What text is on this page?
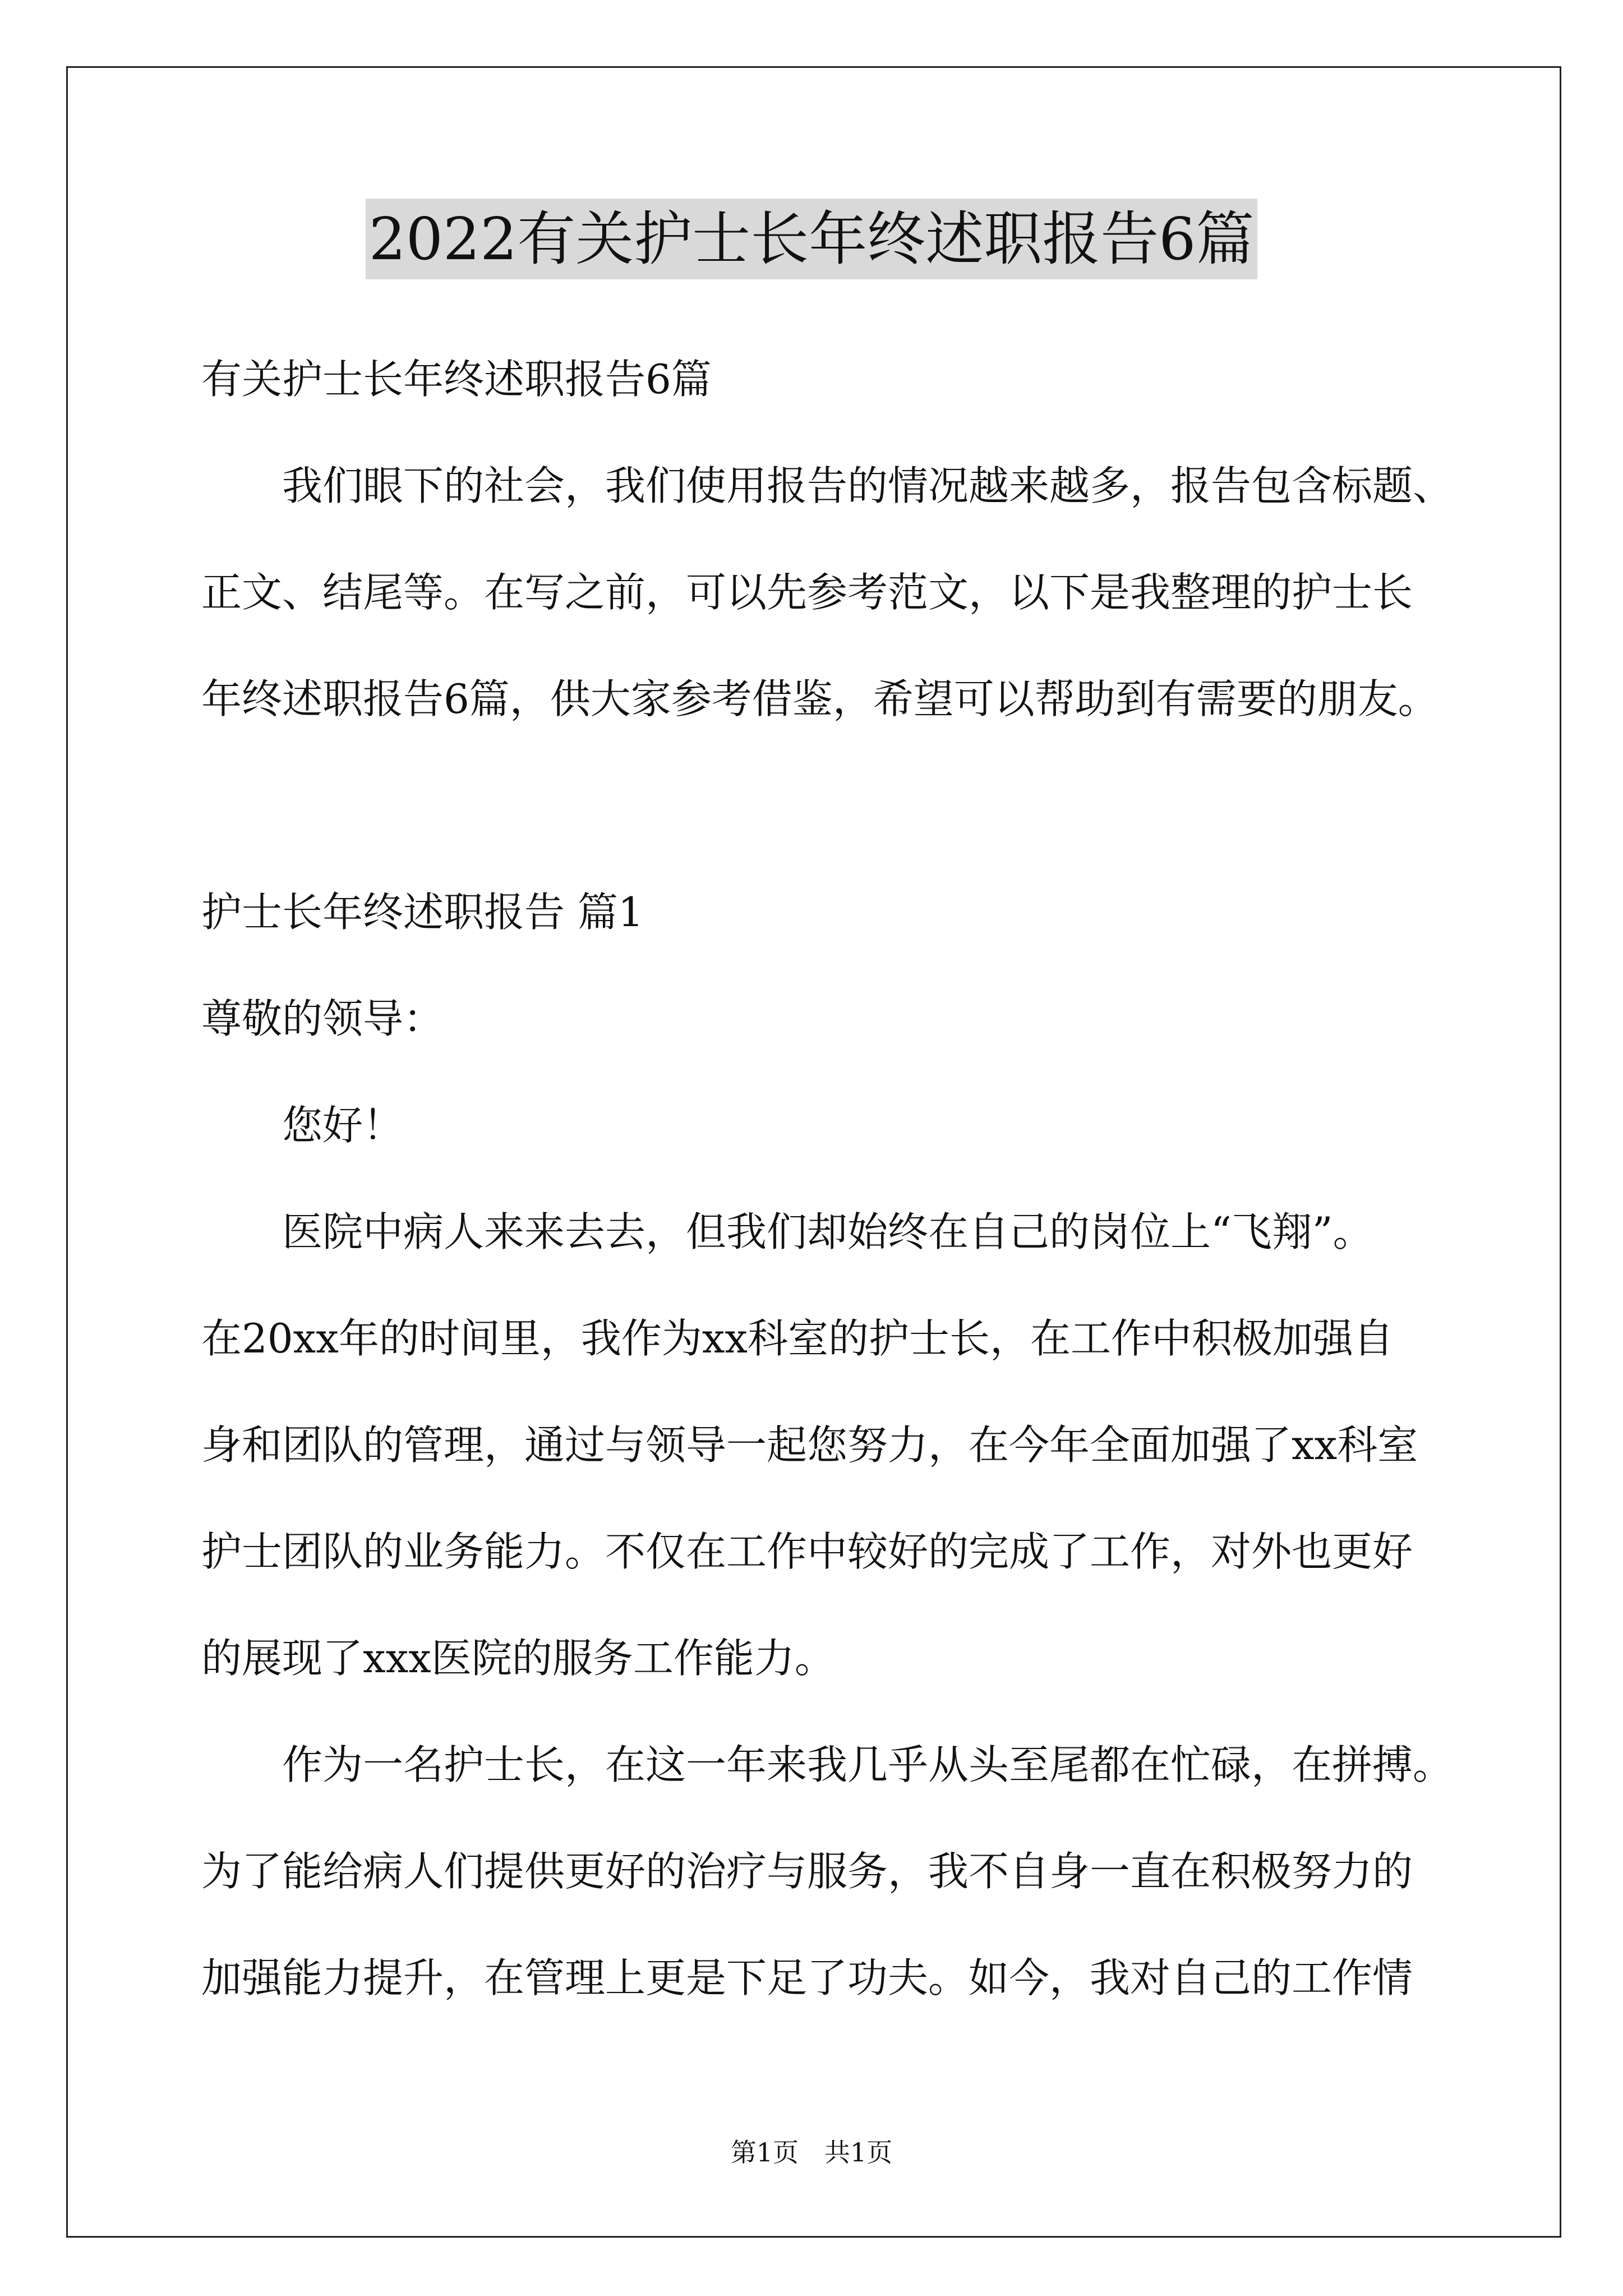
2022有关护士长年终述职报告6篇
有关护士长年终述职报告6篇
我们眼下的社会，我们使用报告的情况越来越多，报告包含标题、
正文、结尾等。在写之前，可以先参考范文，以下是我整理的护士长
年终述职报告6篇，供大家参考借鉴，希望可以帮助到有需要的朋友。
护士长年终述职报告 篇1
尊敬的领导：
您好！
医院中病人来来去去，但我们却始终在自己的岗位上“飞翔”。
在20xx年的时间里，我作为xx科室的护士长，在工作中积极加强自
身和团队的管理，通过与领导一起您努力，在今年全面加强了xx科室
护士团队的业务能力。不仅在工作中较好的完成了工作，对外也更好
的展现了xxx医院的服务工作能力。
作为一名护士长，在这一年来我几乎从头至尾都在忙碌，在拼搏。
为了能给病人们提供更好的治疗与服务，我不自身一直在积极努力的
加强能力提升，在管理上更是下足了功夫。如今，我对自己的工作情
第1页 共1页
